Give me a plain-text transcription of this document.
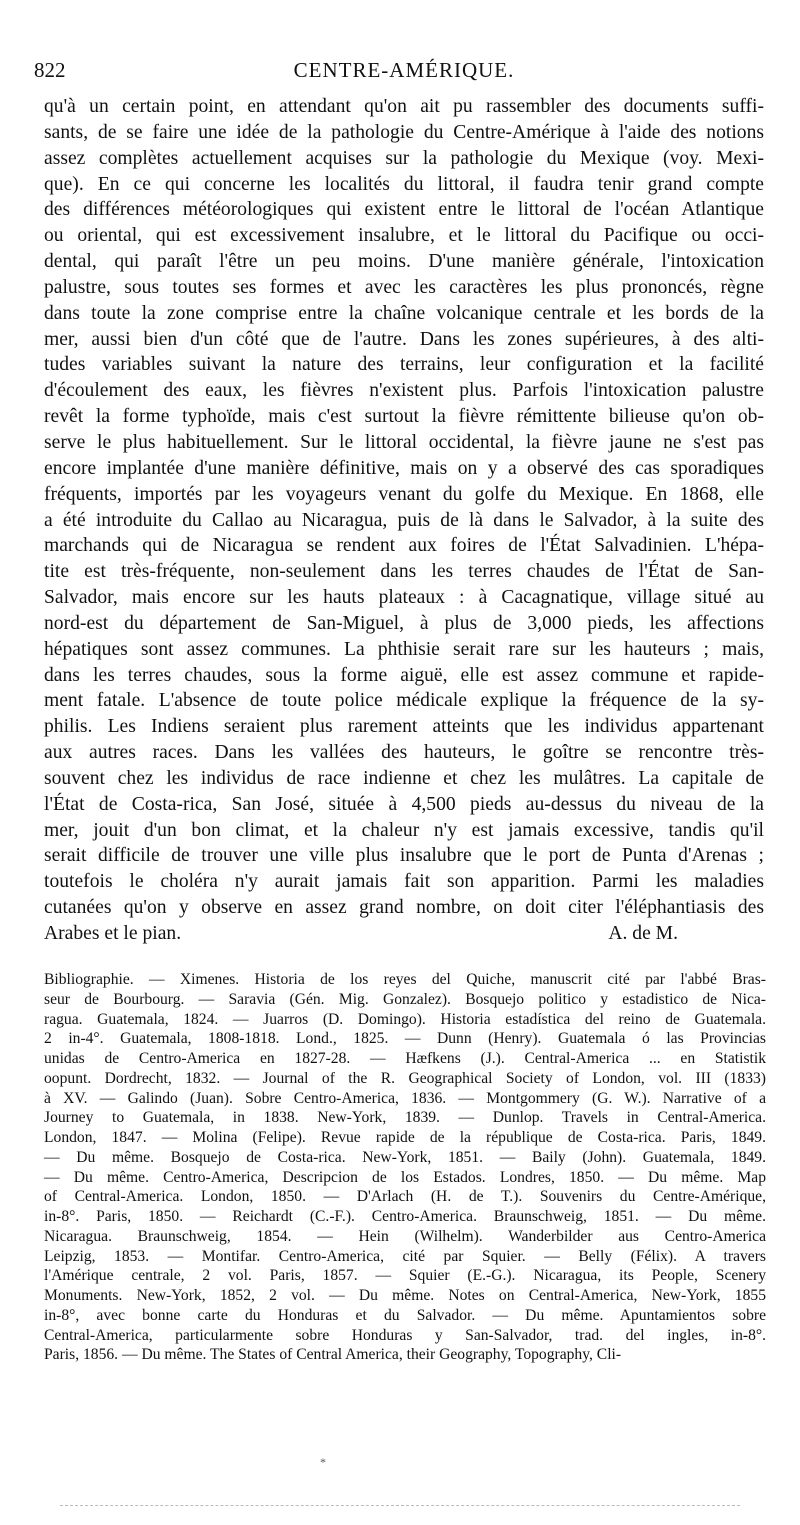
822	CENTRE-AMÉRIQUE.
qu'à un certain point, en attendant qu'on ait pu rassembler des documents suffi-
sants, de se faire une idée de la pathologie du Centre-Amérique à l'aide des notions
assez complètes actuellement acquises sur la pathologie du Mexique (voy. Mexi-
que). En ce qui concerne les localités du littoral, il faudra tenir grand compte
des différences météorologiques qui existent entre le littoral de l'océan Atlantique
ou oriental, qui est excessivement insalubre, et le littoral du Pacifique ou occi-
dental, qui paraît l'être un peu moins. D'une manière générale, l'intoxication
palustre, sous toutes ses formes et avec les caractères les plus prononcés, règne
dans toute la zone comprise entre la chaîne volcanique centrale et les bords de la
mer, aussi bien d'un côté que de l'autre. Dans les zones supérieures, à des alti-
tudes variables suivant la nature des terrains, leur configuration et la facilité
d'écoulement des eaux, les fièvres n'existent plus. Parfois l'intoxication palustre
revêt la forme typhoïde, mais c'est surtout la fièvre rémittente bilieuse qu'on ob-
serve le plus habituellement. Sur le littoral occidental, la fièvre jaune ne s'est pas
encore implantée d'une manière définitive, mais on y a observé des cas sporadiques
fréquents, importés par les voyageurs venant du golfe du Mexique. En 1868, elle
a été introduite du Callao au Nicaragua, puis de là dans le Salvador, à la suite des
marchands qui de Nicaragua se rendent aux foires de l'État Salvadinien. L'hépa-
tite est très-fréquente, non-seulement dans les terres chaudes de l'État de San-
Salvador, mais encore sur les hauts plateaux : à Cacagnatique, village situé au
nord-est du département de San-Miguel, à plus de 3,000 pieds, les affections
hépatiques sont assez communes. La phthisie serait rare sur les hauteurs ; mais,
dans les terres chaudes, sous la forme aiguë, elle est assez commune et rapide-
ment fatale. L'absence de toute police médicale explique la fréquence de la sy-
philis. Les Indiens seraient plus rarement atteints que les individus appartenant
aux autres races. Dans les vallées des hauteurs, le goître se rencontre très-
souvent chez les individus de race indienne et chez les mulâtres. La capitale de
l'État de Costa-rica, San José, située à 4,500 pieds au-dessus du niveau de la
mer, jouit d'un bon climat, et la chaleur n'y est jamais excessive, tandis qu'il
serait difficile de trouver une ville plus insalubre que le port de Punta d'Arenas ;
toutefois le choléra n'y aurait jamais fait son apparition. Parmi les maladies
cutanées qu'on y observe en assez grand nombre, on doit citer l'éléphantiasis des
Arabes et le pian.	A. de M.
Bibliographie. — Ximenes. Historia de los reyes del Quiche, manuscrit cité par l'abbé Bras-
seur de Bourbourg. — Saravia (Gén. Mig. Gonzalez). Bosquejo politico y estadistico de Nica-
ragua. Guatemala, 1824. — Juarros (D. Domingo). Historia estadística del reino de Guatemala.
2 in-4°. Guatemala, 1808-1818. Lond., 1825. — Dunn (Henry). Guatemala ó las Provincias
unidas de Centro-America en 1827-28. — Hæfkens (J.). Central-America ... en Statistik
oopunt. Dordrecht, 1832. — Journal of the R. Geographical Society of London, vol. III (1833)
à XV. — Galindo (Juan). Sobre Centro-America, 1836. — Montgommery (G. W.). Narrative of a
Journey to Guatemala, in 1838. New-York, 1839. — Dunlop. Travels in Central-America.
London, 1847. — Molina (Felipe). Revue rapide de la république de Costa-rica. Paris, 1849.
— Du même. Bosquejo de Costa-rica. New-York, 1851. — Baily (John). Guatemala, 1849.
— Du même. Centro-America, Descripcion de los Estados. Londres, 1850. — Du même. Map
of Central-America. London, 1850. — D'Arlach (H. de T.). Souvenirs du Centre-Amérique,
in-8°. Paris, 1850. — Reichardt (C.-F.). Centro-America. Braunschweig, 1851. — Du même.
Nicaragua. Braunschweig, 1854. — Hein (Wilhelm). Wanderbilder aus Centro-America
Leipzig, 1853. — Montifar. Centro-America, cité par Squier. — Belly (Félix). A travers
l'Amérique centrale, 2 vol. Paris, 1857. — Squier (E.-G.). Nicaragua, its People, Scenery
Monuments. New-York, 1852, 2 vol. — Du même. Notes on Central-America, New-York, 1855
in-8°, avec bonne carte du Honduras et du Salvador. — Du même. Apuntamientos sobre
Central-America, particularmente sobre Honduras y San-Salvador, trad. del ingles, in-8°.
Paris, 1856. — Du même. The States of Central America, their Geography, Topography, Cli-
*
